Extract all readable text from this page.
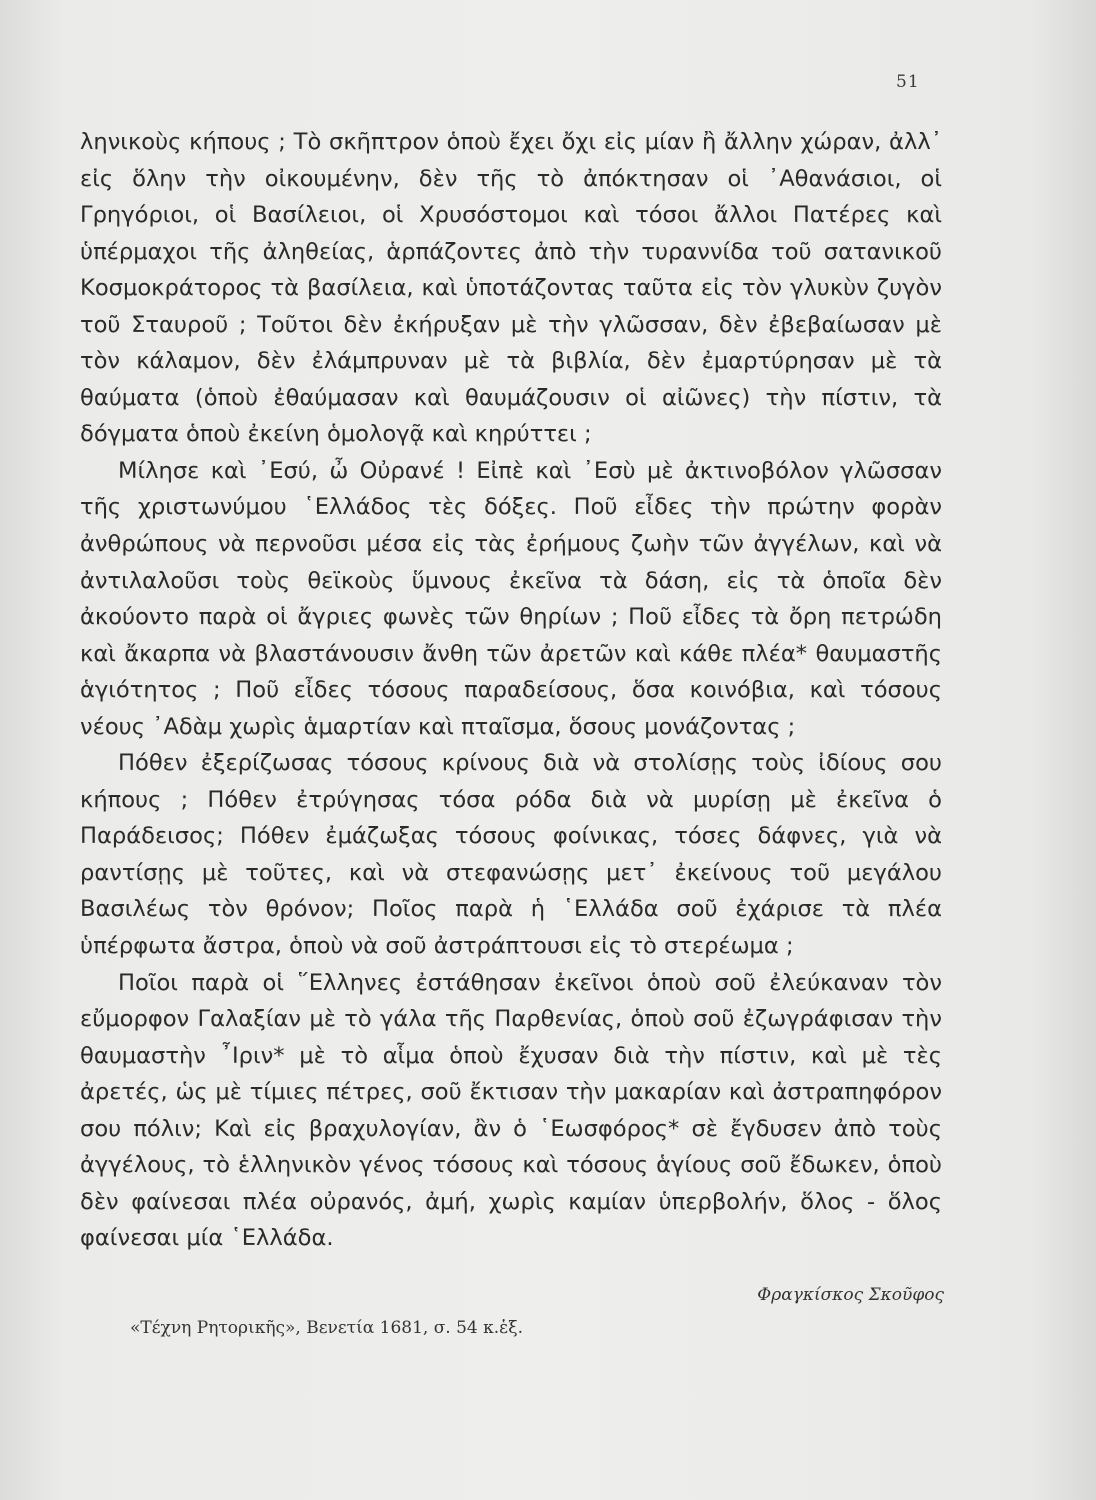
51

ληνικοὺς κήπους ; Τὸ σκῆπτρον ὁποὺ ἔχει ὄχι εἰς μίαν ἢ ἄλλην χώραν, ἀλλ᾿ εἰς ὅλην τὴν οἰκουμένην, δὲν τῆς τὸ ἀπόκτησαν οἱ ᾿Αθανάσιοι, οἱ Γρηγόριοι, οἱ Βασίλειοι, οἱ Χρυσόστομοι καὶ τόσοι ἄλλοι Πατέρες καὶ ὑπέρμαχοι τῆς ἀληθείας, ἁρπάζοντες ἀπὸ τὴν τυραννίδα τοῦ σατανικοῦ Κοσμοκράτορος τὰ βασίλεια, καὶ ὑποτάζοντας ταῦτα εἰς τὸν γλυκὺν ζυγὸν τοῦ Σταυροῦ ; Τοῦτοι δὲν ἐκήρυξαν μὲ τὴν γλῶσσαν, δὲν ἐβεβαίωσαν μὲ τὸν κάλαμον, δὲν ἐλάμπρυναν μὲ τὰ βιβλία, δὲν ἐμαρτύρησαν μὲ τὰ θαύματα (ὁποὺ ἐθαύμασαν καὶ θαυμάζουσιν οἱ αἰῶνες) τὴν πίστιν, τὰ δόγματα ὁποὺ ἐκείνη ὁμολογᾷ καὶ κηρύττει ;

Μίλησε καὶ ᾿Εσύ, ὦ Οὐρανέ ! Εἰπὲ καὶ ᾿Εσὺ μὲ ἀκτινοβόλον γλῶσσαν τῆς χριστωνύμου ῾Ελλάδος τὲς δόξες. Ποῦ εἶδες τὴν πρώτην φορὰν ἀνθρώπους νὰ περνοῦσι μέσα εἰς τὰς ἐρήμους ζωὴν τῶν ἀγγέλων, καὶ νὰ ἀντιλαλοῦσι τοὺς θεϊκοὺς ὕμνους ἐκεῖνα τὰ δάση, εἰς τὰ ὁποῖα δὲν ἀκούοντο παρὰ οἱ ἄγριες φωνὲς τῶν θηρίων ; Ποῦ εἶδες τὰ ὄρη πετρώδη καὶ ἄκαρπα νὰ βλαστάνουσιν ἄνθη τῶν ἀρετῶν καὶ κάθε πλέα* θαυμαστῆς ἁγιότητος ; Ποῦ εἶδες τόσους παραδείσους, ὅσα κοινόβια, καὶ τόσους νέους ᾿Αδὰμ χωρὶς ἁμαρτίαν καὶ πταῖσμα, ὅσους μονάζοντας ;

Πόθεν ἐξερίζωσας τόσους κρίνους διὰ νὰ στολίσῃς τοὺς ἰδίους σου κήπους ; Πόθεν ἐτρύγησας τόσα ρόδα διὰ νὰ μυρίσῃ μὲ ἐκεῖνα ὁ Παράδεισος; Πόθεν ἐμάζωξας τόσους φοίνικας, τόσες δάφνες, γιὰ νὰ ραντίσῃς μὲ τοῦτες, καὶ νὰ στεφανώσῃς μετ᾿ ἐκείνους τοῦ μεγάλου Βασιλέως τὸν θρόνον; Ποῖος παρὰ ἡ ῾Ελλάδα σοῦ ἐχάρισε τὰ πλέα ὑπέρφωτα ἄστρα, ὁποὺ νὰ σοῦ ἀστράπτουσι εἰς τὸ στερέωμα ;

Ποῖοι παρὰ οἱ ῞Ελληνες ἐστάθησαν ἐκεῖνοι ὁποὺ σοῦ ἐλεύκαναν τὸν εὔμορφον Γαλαξίαν μὲ τὸ γάλα τῆς Παρθενίας, ὁποὺ σοῦ ἐζωγράφισαν τὴν θαυμαστὴν ῏Ιριν* μὲ τὸ αἷμα ὁποὺ ἔχυσαν διὰ τὴν πίστιν, καὶ μὲ τὲς ἀρετές, ὡς μὲ τίμιες πέτρες, σοῦ ἔκτισαν τὴν μακαρίαν καὶ ἀστραπηφόρον σου πόλιν; Καὶ εἰς βραχυλογίαν, ἂν ὁ ῾Εωσφόρος* σὲ ἔγδυσεν ἀπὸ τοὺς ἀγγέλους, τὸ ἑλληνικὸν γένος τόσους καὶ τόσους ἁγίους σοῦ ἔδωκεν, ὁποὺ δὲν φαίνεσαι πλέα οὐρανός, ἀμή, χωρὶς καμίαν ὑπερβολήν, ὅλος - ὅλος φαίνεσαι μία ῾Ελλάδα.

Φραγκίσκος Σκοῦφος
«Τέχνη Ρητορικῆς», Βενετία 1681, σ. 54 κ.ἑξ.
